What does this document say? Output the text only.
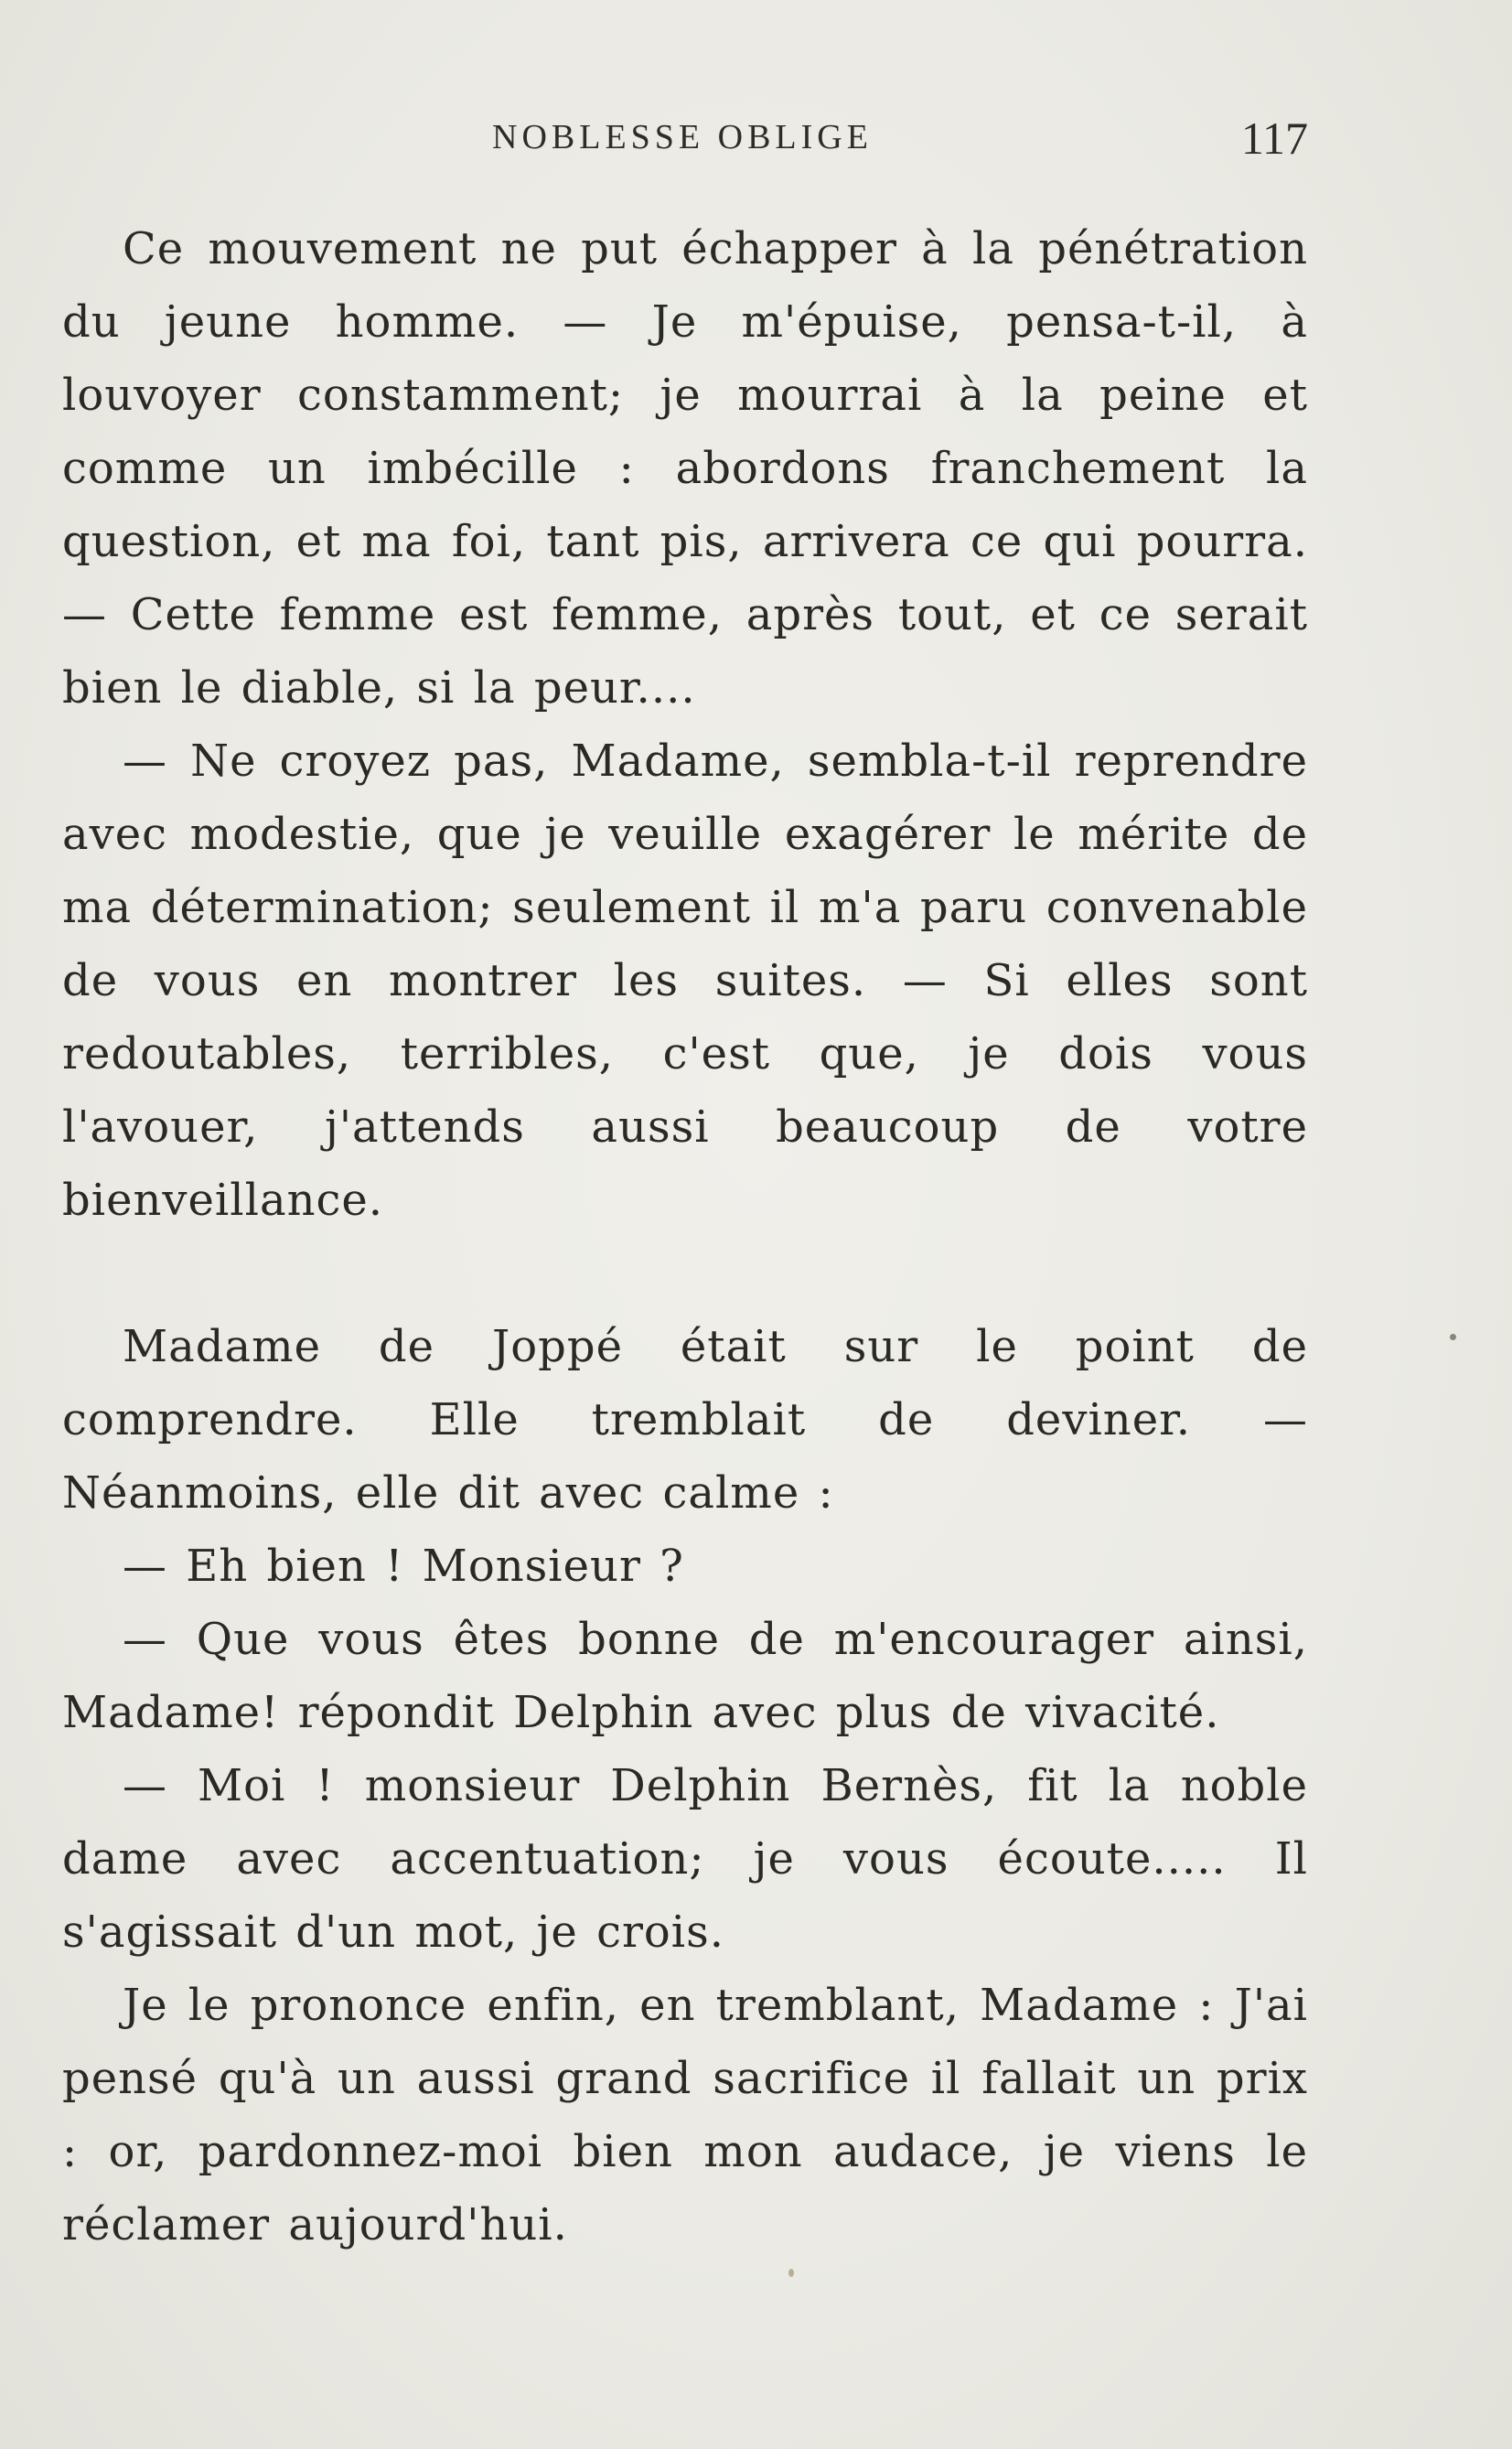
NOBLESSE OBLIGE	117

Ce mouvement ne put échapper à la pénétration du jeune homme. — Je m'épuise, pensa-t-il, à louvoyer constamment; je mourrai à la peine et comme un imbécille : abordons franchement la question, et ma foi, tant pis, arrivera ce qui pourra. — Cette femme est femme, après tout, et ce serait bien le diable, si la peur....

— Ne croyez pas, Madame, sembla-t-il reprendre avec modestie, que je veuille exagérer le mérite de ma détermination; seulement il m'a paru convenable de vous en montrer les suites. — Si elles sont redoutables, terribles, c'est que, je dois vous l'avouer, j'attends aussi beaucoup de votre bienveillance.

Madame de Joppé était sur le point de comprendre. Elle tremblait de deviner. — Néanmoins, elle dit avec calme :

— Eh bien ! Monsieur ?

— Que vous êtes bonne de m'encourager ainsi, Madame! répondit Delphin avec plus de vivacité.

— Moi ! monsieur Delphin Bernès, fit la noble dame avec accentuation; je vous écoute..... Il s'agissait d'un mot, je crois.

Je le prononce enfin, en tremblant, Madame : J'ai pensé qu'à un aussi grand sacrifice il fallait un prix : or, pardonnez-moi bien mon audace, je viens le réclamer aujourd'hui.
